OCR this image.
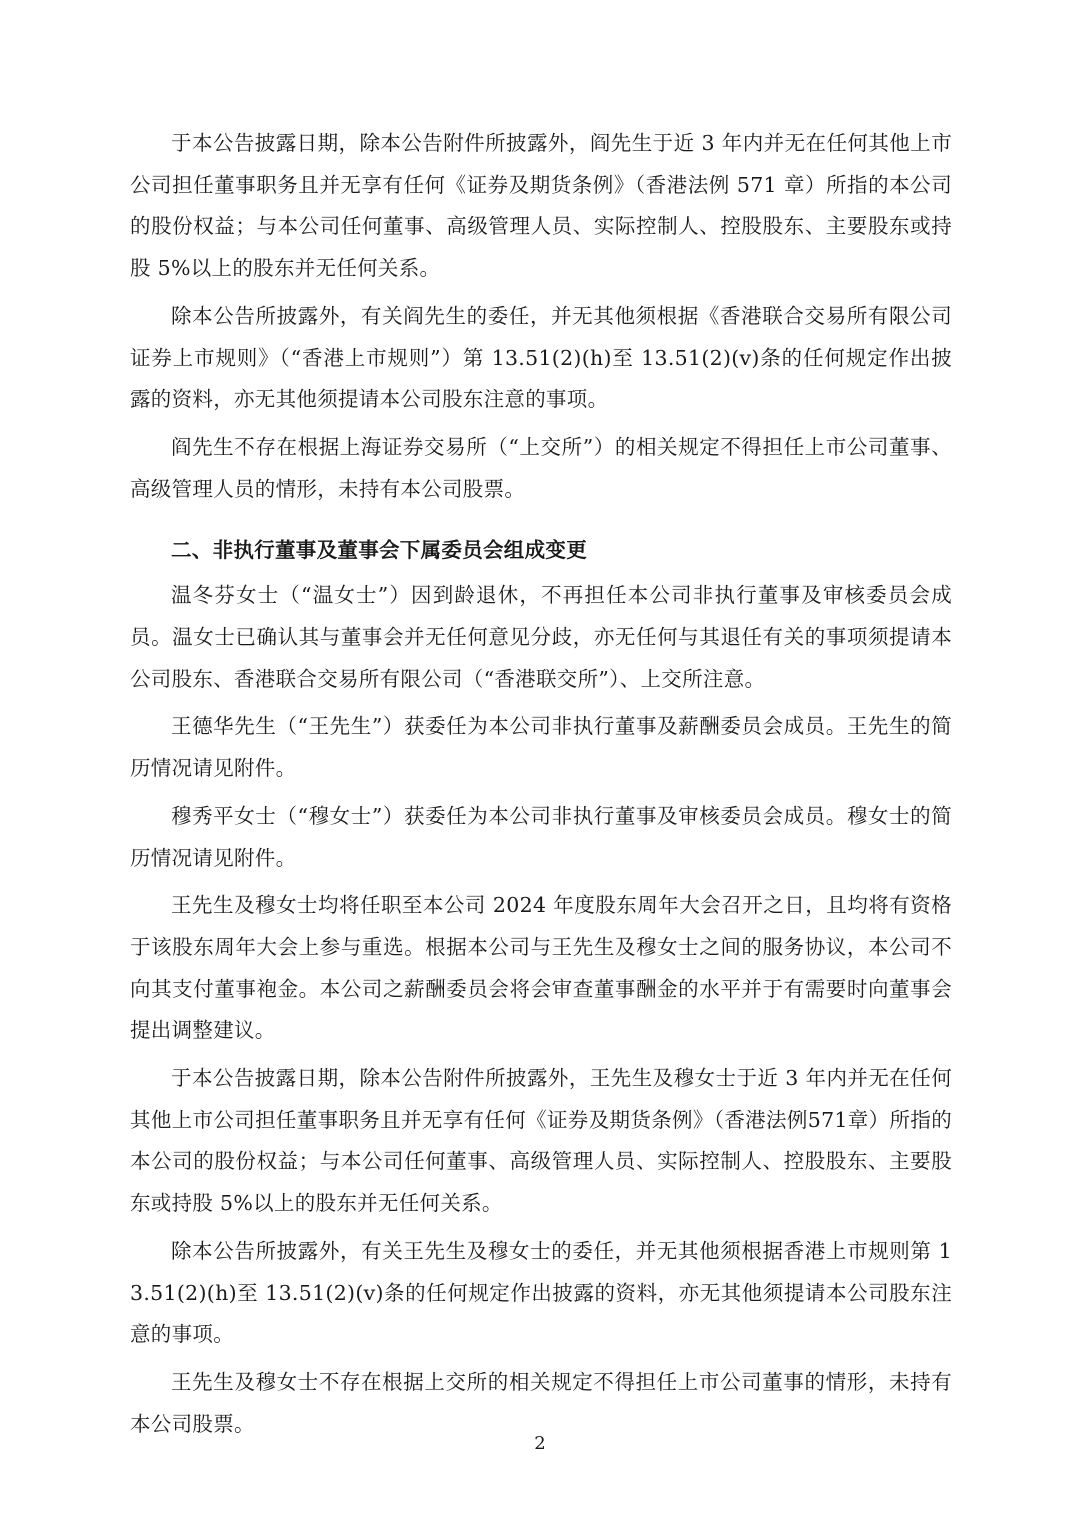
于本公告披露日期，除本公告附件所披露外，阎先生于近 3 年内并无在任何其他上市公司担任董事职务且并无享有任何《证券及期货条例》（香港法例 571 章）所指的本公司的股份权益；与本公司任何董事、高级管理人员、实际控制人、控股股东、主要股东或持股 5%以上的股东并无任何关系。

除本公告所披露外，有关阎先生的委任，并无其他须根据《香港联合交易所有限公司证券上市规则》（“香港上市规则”）第 13.51(2)(h)至 13.51(2)(v)条的任何规定作出披露的资料，亦无其他须提请本公司股东注意的事项。

阎先生不存在根据上海证券交易所（“上交所”）的相关规定不得担任上市公司董事、高级管理人员的情形，未持有本公司股票。

二、非执行董事及董事会下属委员会组成变更

温冬芬女士（“温女士”）因到龄退休，不再担任本公司非执行董事及审核委员会成员。温女士已确认其与董事会并无任何意见分歧，亦无任何与其退任有关的事项须提请本公司股东、香港联合交易所有限公司（“香港联交所”）、上交所注意。

王德华先生（“王先生”）获委任为本公司非执行董事及薪酬委员会成员。王先生的简历情况请见附件。

穆秀平女士（“穆女士”）获委任为本公司非执行董事及审核委员会成员。穆女士的简历情况请见附件。

王先生及穆女士均将任职至本公司 2024 年度股东周年大会召开之日，且均将有资格于该股东周年大会上参与重选。根据本公司与王先生及穆女士之间的服务协议，本公司不向其支付董事袍金。本公司之薪酬委员会将会审查董事酬金的水平并于有需要时向董事会提出调整建议。

于本公告披露日期，除本公告附件所披露外，王先生及穆女士于近 3 年内并无在任何其他上市公司担任董事职务且并无享有任何《证券及期货条例》（香港法例571章）所指的本公司的股份权益；与本公司任何董事、高级管理人员、实际控制人、控股股东、主要股东或持股 5%以上的股东并无任何关系。

除本公告所披露外，有关王先生及穆女士的委任，并无其他须根据香港上市规则第 13.51(2)(h)至 13.51(2)(v)条的任何规定作出披露的资料，亦无其他须提请本公司股东注意的事项。

王先生及穆女士不存在根据上交所的相关规定不得担任上市公司董事的情形，未持有本公司股票。

2
